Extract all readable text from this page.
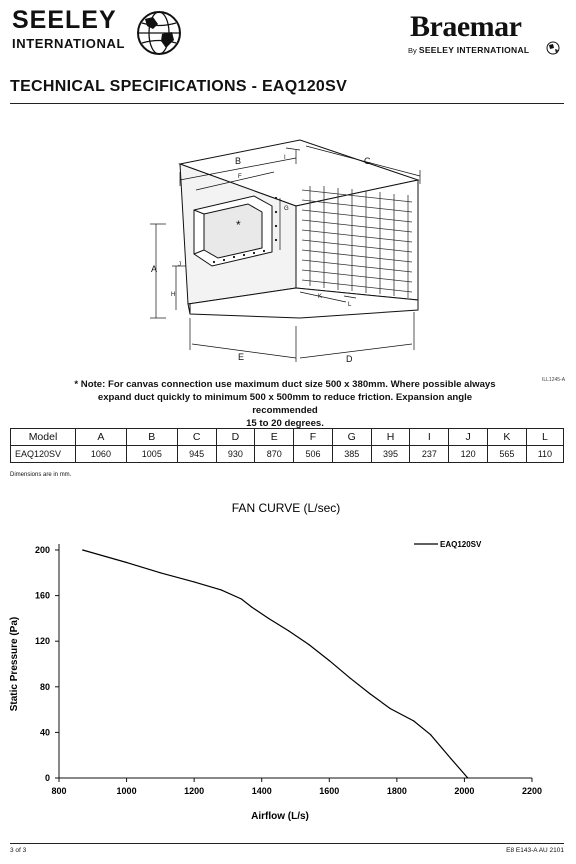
SEELEY
INTERNATIONAL
Braemar
By SEELEY INTERNATIONAL
TECHNICAL SPECIFICATIONS - EAQ120SV
*
B	C
F
I
G
A
H
J
K
L
E	D
ILL1245-A
* Note: For canvas connection use maximum duct size 500 x 380mm. Where possible always
expand duct quickly to minimum 500 x 500mm to reduce friction. Expansion angle recommended
15 to 20 degrees.
Model	A	B	C	D	E	F	G	H	I	J	K	L
EAQ120SV	1060	1005	945	930	870	506	385	395	237	120	565	110
Dimensions are in mm.
FAN CURVE (L/sec)
800	1000	1200	1400	1600	1800	2000	2200
0
40
80
120
160
200
EAQ120SV
Airflow (L/s)
Static Pressure (Pa)
3 of 3	E8 E143-A AU 2101
